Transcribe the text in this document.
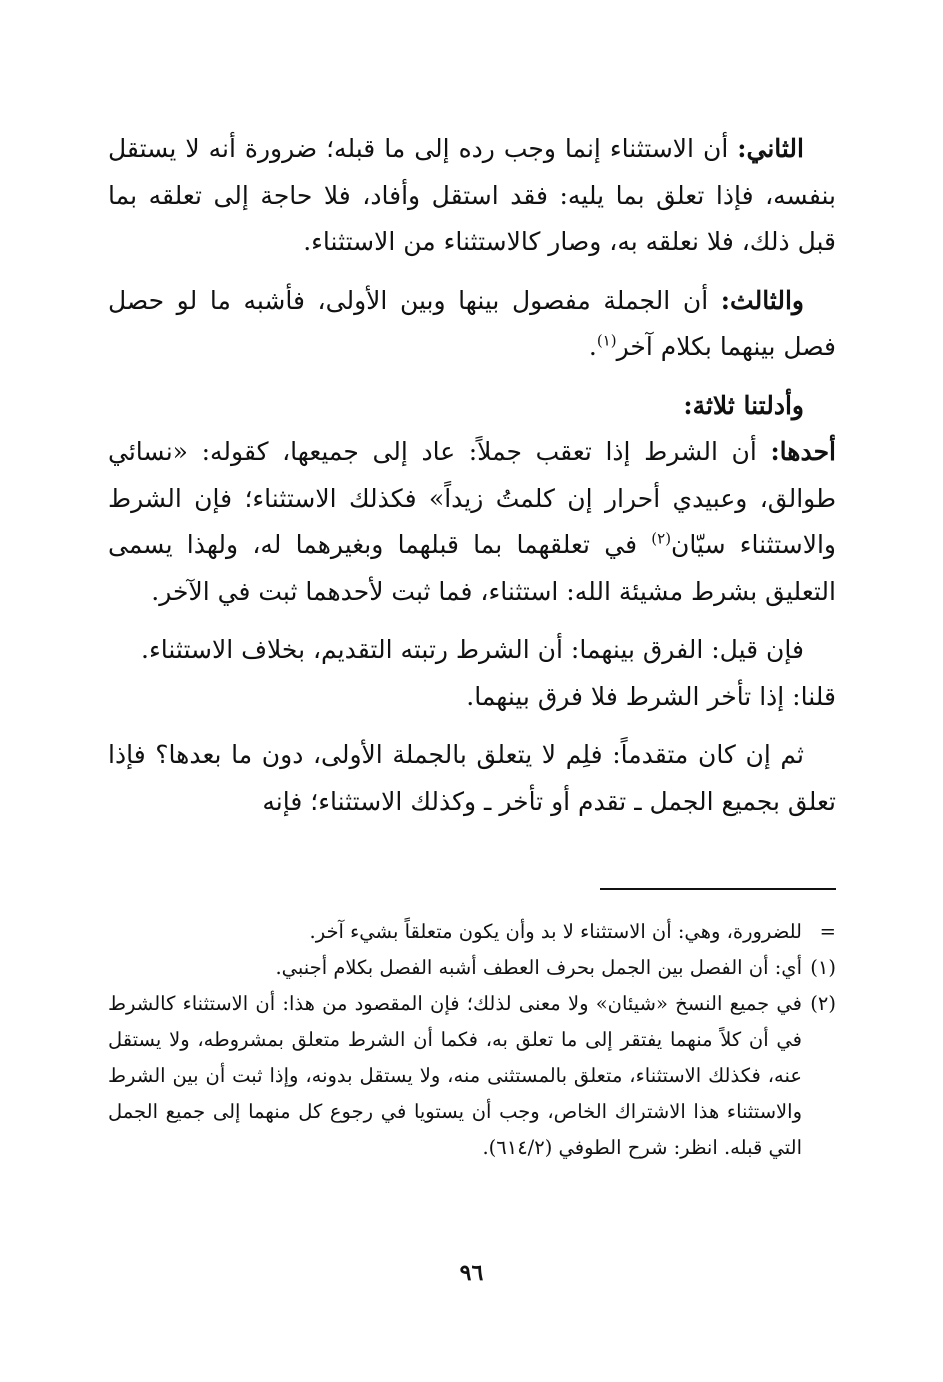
الثاني: أن الاستثناء إنما وجب رده إلى ما قبله؛ ضرورة أنه لا يستقل بنفسه، فإذا تعلق بما يليه: فقد استقل وأفاد، فلا حاجة إلى تعلقه بما قبل ذلك، فلا نعلقه به، وصار كالاستثناء من الاستثناء.

والثالث: أن الجملة مفصول بينها وبين الأولى، فأشبه ما لو حصل فصل بينهما بكلام آخر$^{(١)}$.

وأدلتنا ثلاثة:

أحدها: أن الشرط إذا تعقب جملاً: عاد إلى جميعها، كقوله: «نسائي طوالق، وعبيدي أحرار إن كلمتُ زيداً» فكذلك الاستثناء؛ فإن الشرط والاستثناء سيّان$^{(٢)}$ في تعلقهما بما قبلهما وبغيرهما له، ولهذا يسمى التعليق بشرط مشيئة الله: استثناء، فما ثبت لأحدهما ثبت في الآخر.

فإن قيل: الفرق بينهما: أن الشرط رتبته التقديم، بخلاف الاستثناء.
قلنا: إذا تأخر الشرط فلا فرق بينهما.

ثم إن كان متقدماً: فلِم لا يتعلق بالجملة الأولى، دون ما بعدها؟ فإذا تعلق بجميع الجمل ـ تقدم أو تأخر ـ وكذلك الاستثناء؛ فإنه

=
للضرورة، وهي: أن الاستثناء لا بد وأن يكون متعلقاً بشيء آخر.
(١)
أي: أن الفصل بين الجمل بحرف العطف أشبه الفصل بكلام أجنبي.
(٢)
في جميع النسخ «شيئان» ولا معنى لذلك؛ فإن المقصود من هذا: أن الاستثناء كالشرط في أن كلاً منهما يفتقر إلى ما تعلق به، فكما أن الشرط متعلق بمشروطه، ولا يستقل عنه، فكذلك الاستثناء، متعلق بالمستثنى منه، ولا يستقل بدونه، وإذا ثبت أن بين الشرط والاستثناء هذا الاشتراك الخاص، وجب أن يستويا في رجوع كل منهما إلى جميع الجمل التي قبله. انظر: شرح الطوفي (٦١٤/٢).
٩٦
